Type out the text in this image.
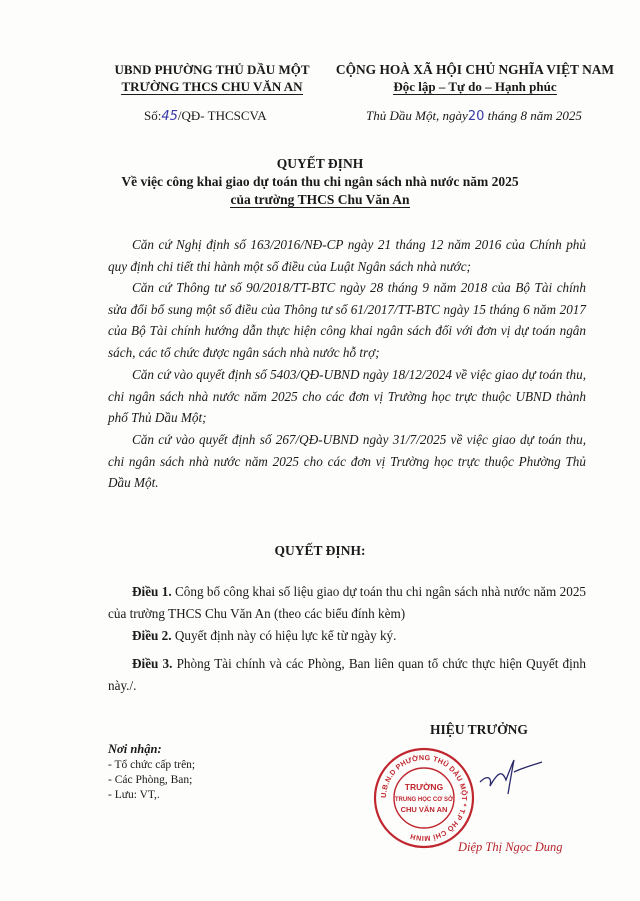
UBND PHƯỜNG THỦ DẦU MỘT
TRƯỜNG THCS CHU VĂN AN
Số:45/QĐ- THCSCVA
CỘNG HOÀ XÃ HỘI CHỦ NGHĨA VIỆT NAM
Độc lập – Tự do – Hạnh phúc
Thủ Dầu Một, ngày20 tháng 8 năm 2025
QUYẾT ĐỊNH
Về việc công khai giao dự toán thu chi ngân sách nhà nước năm 2025
của trường THCS Chu Văn An
Căn cứ Nghị định số 163/2016/NĐ-CP ngày 21 tháng 12 năm 2016 của Chính phủ quy định chi tiết thi hành một số điều của Luật Ngân sách nhà nước;
Căn cứ Thông tư số 90/2018/TT-BTC ngày 28 tháng 9 năm 2018 của Bộ Tài chính sửa đổi bổ sung một số điều của Thông tư số 61/2017/TT-BTC ngày 15 tháng 6 năm 2017 của Bộ Tài chính hướng dẫn thực hiện công khai ngân sách đối với đơn vị dự toán ngân sách, các tổ chức được ngân sách nhà nước hỗ trợ;
Căn cứ vào quyết định số 5403/QĐ-UBND ngày 18/12/2024 về việc giao dự toán thu, chi ngân sách nhà nước năm 2025 cho các đơn vị Trường học trực thuộc UBND thành phố Thủ Dầu Một;
Căn cứ vào quyết định số 267/QĐ-UBND ngày 31/7/2025 về việc giao dự toán thu, chi ngân sách nhà nước năm 2025 cho các đơn vị Trường học trực thuộc Phường Thủ Dầu Một.
QUYẾT ĐỊNH:
Điều 1. Công bố công khai số liệu giao dự toán thu chi ngân sách nhà nước năm 2025 của trường THCS Chu Văn An (theo các biểu đính kèm)
Điều 2. Quyết định này có hiệu lực kể từ ngày ký.
Điều 3. Phòng Tài chính và các Phòng, Ban liên quan tổ chức thực hiện Quyết định này./.
Nơi nhận:
- Tổ chức cấp trên;
- Các Phòng, Ban;
- Lưu: VT,.
HIỆU TRƯỞNG
U.B.N.D PHƯỜNG THỦ DẦU MỘT * T.P HỒ CHÍ MINH
TRƯỜNG
TRUNG HỌC CƠ SỞ
CHU VĂN AN
Diệp Thị Ngọc Dung
